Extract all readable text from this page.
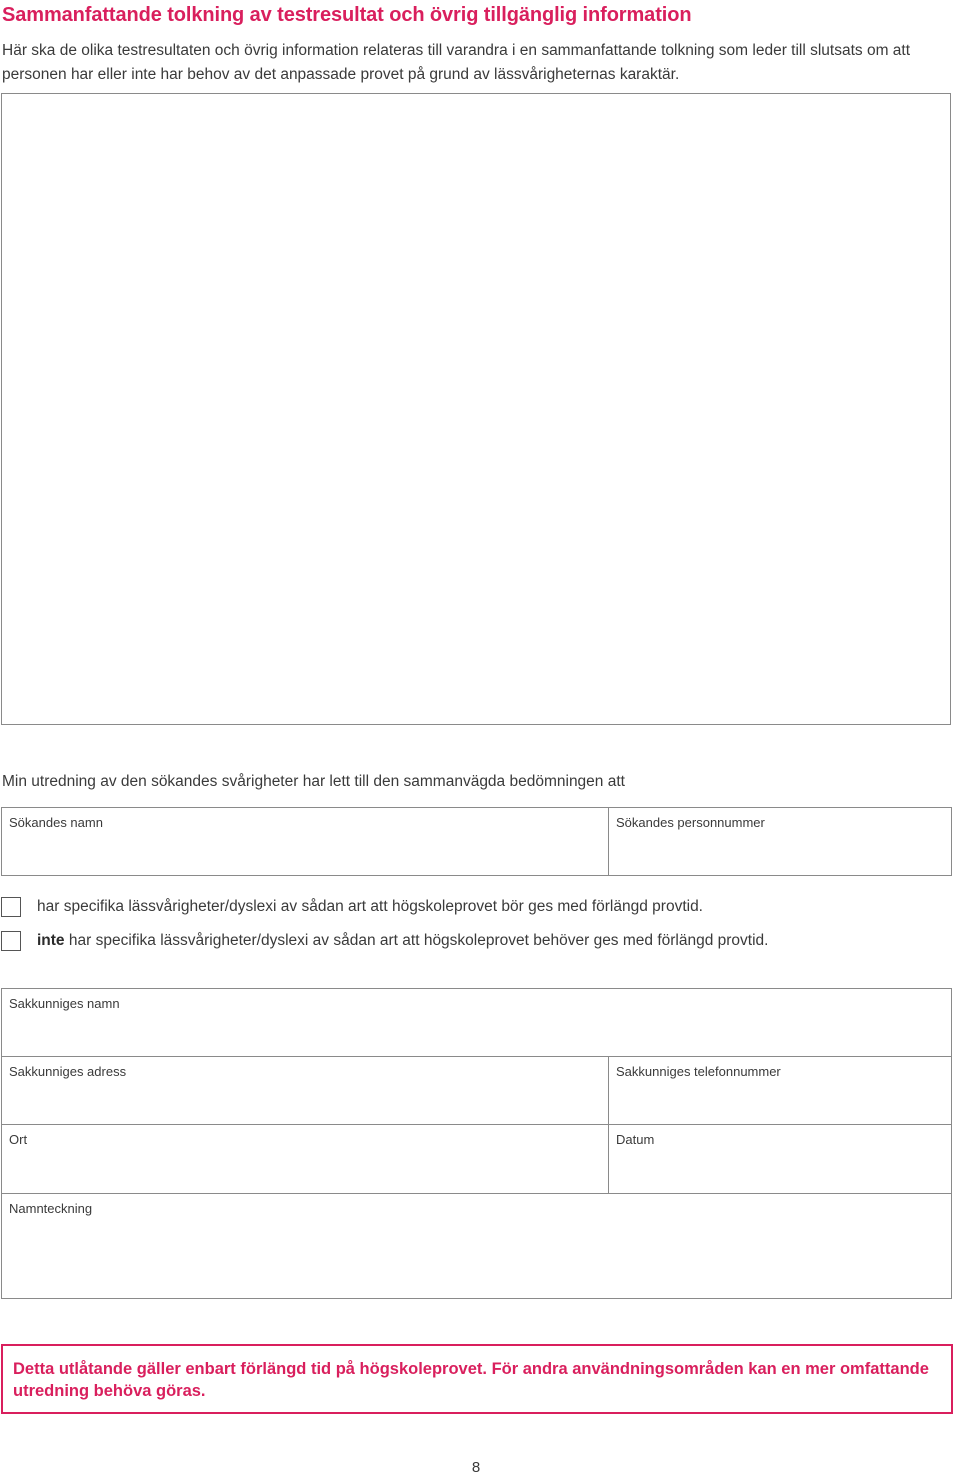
Sammanfattande tolkning av testresultat och övrig tillgänglig information
Här ska de olika testresultaten och övrig information relateras till varandra i en sammanfattande tolkning som leder till slutsats om att personen har eller inte har behov av det anpassade provet på grund av lässvårigheternas karaktär.
Min utredning av den sökandes svårigheter har lett till den sammanvägda bedömningen att
Sökandes namn	Sökandes personnummer
har specifika lässvårigheter/dyslexi av sådan art att högskoleprovet bör ges med förlängd provtid.
inte har specifika lässvårigheter/dyslexi av sådan art att högskoleprovet behöver ges med förlängd provtid.
Sakkunniges namn
Sakkunniges adress	Sakkunniges telefonnummer
Ort	Datum
Namnteckning
Detta utlåtande gäller enbart förlängd tid på högskoleprovet. För andra användningsområden kan en mer omfattande utredning behöva göras.
8
